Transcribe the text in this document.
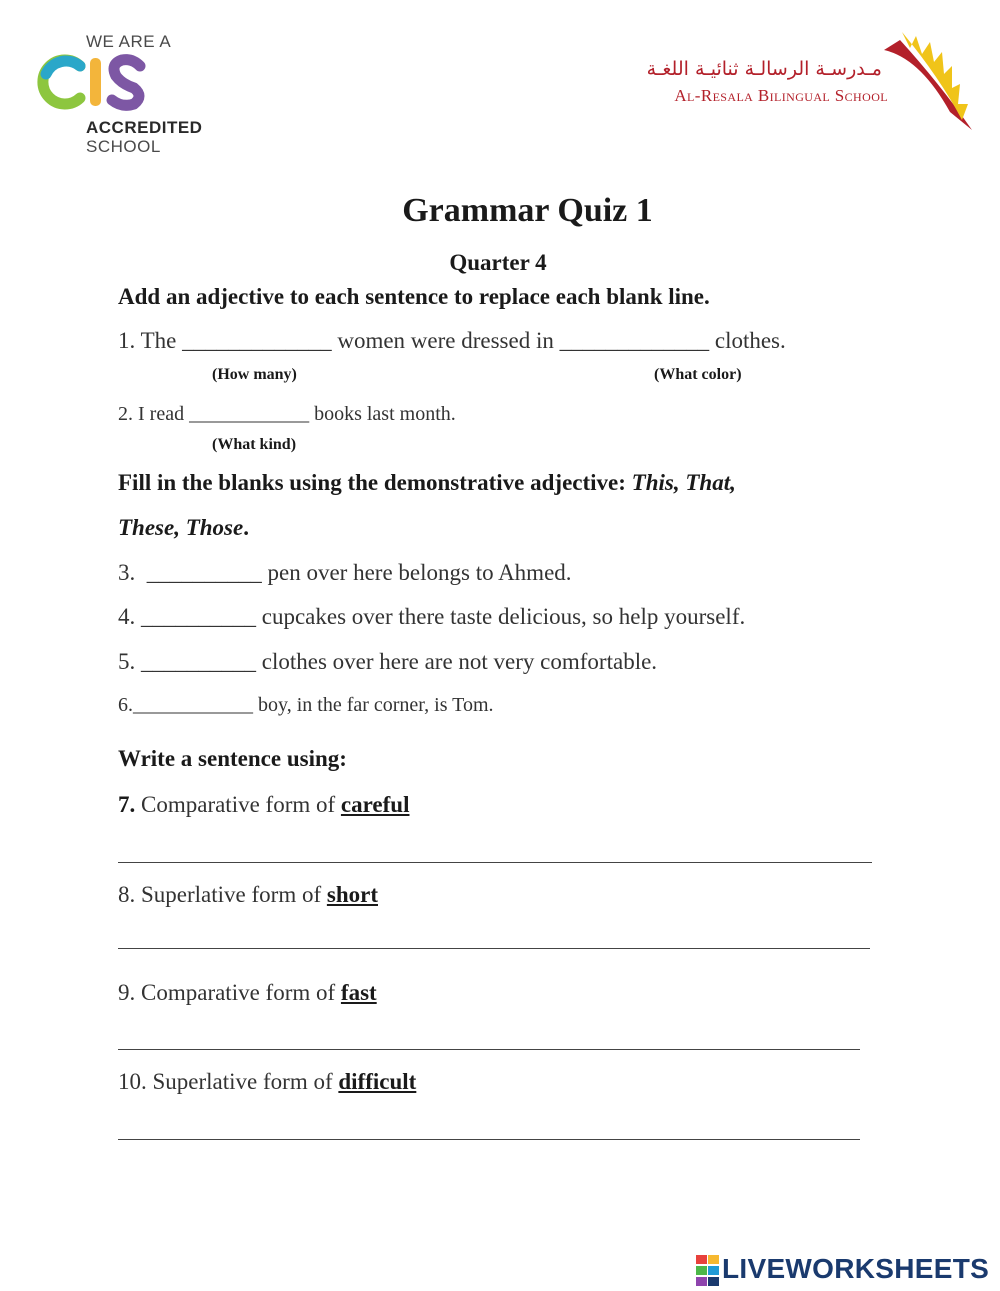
WE ARE A
ACCREDITED
SCHOOL
مـدرسـة الرسالـة ثنائيـة اللغـة
Al-Resala Bilingual School
Grammar Quiz 1
Quarter 4
Add an adjective to each sentence to replace each blank line.
1. The _____________ women were dressed in _____________ clothes.
(How many)	(What color)
2. I read ____________ books last month.
(What kind)
Fill in the blanks using the demonstrative adjective: This, That,
These, Those.
3.  __________ pen over here belongs to Ahmed.
4. __________ cupcakes over there taste delicious, so help yourself.
5. __________ clothes over here are not very comfortable.
6.____________ boy, in the far corner, is Tom.
Write a sentence using:
7. Comparative form of careful
8. Superlative form of short
9. Comparative form of fast
10. Superlative form of difficult
LIVEWORKSHEETS
